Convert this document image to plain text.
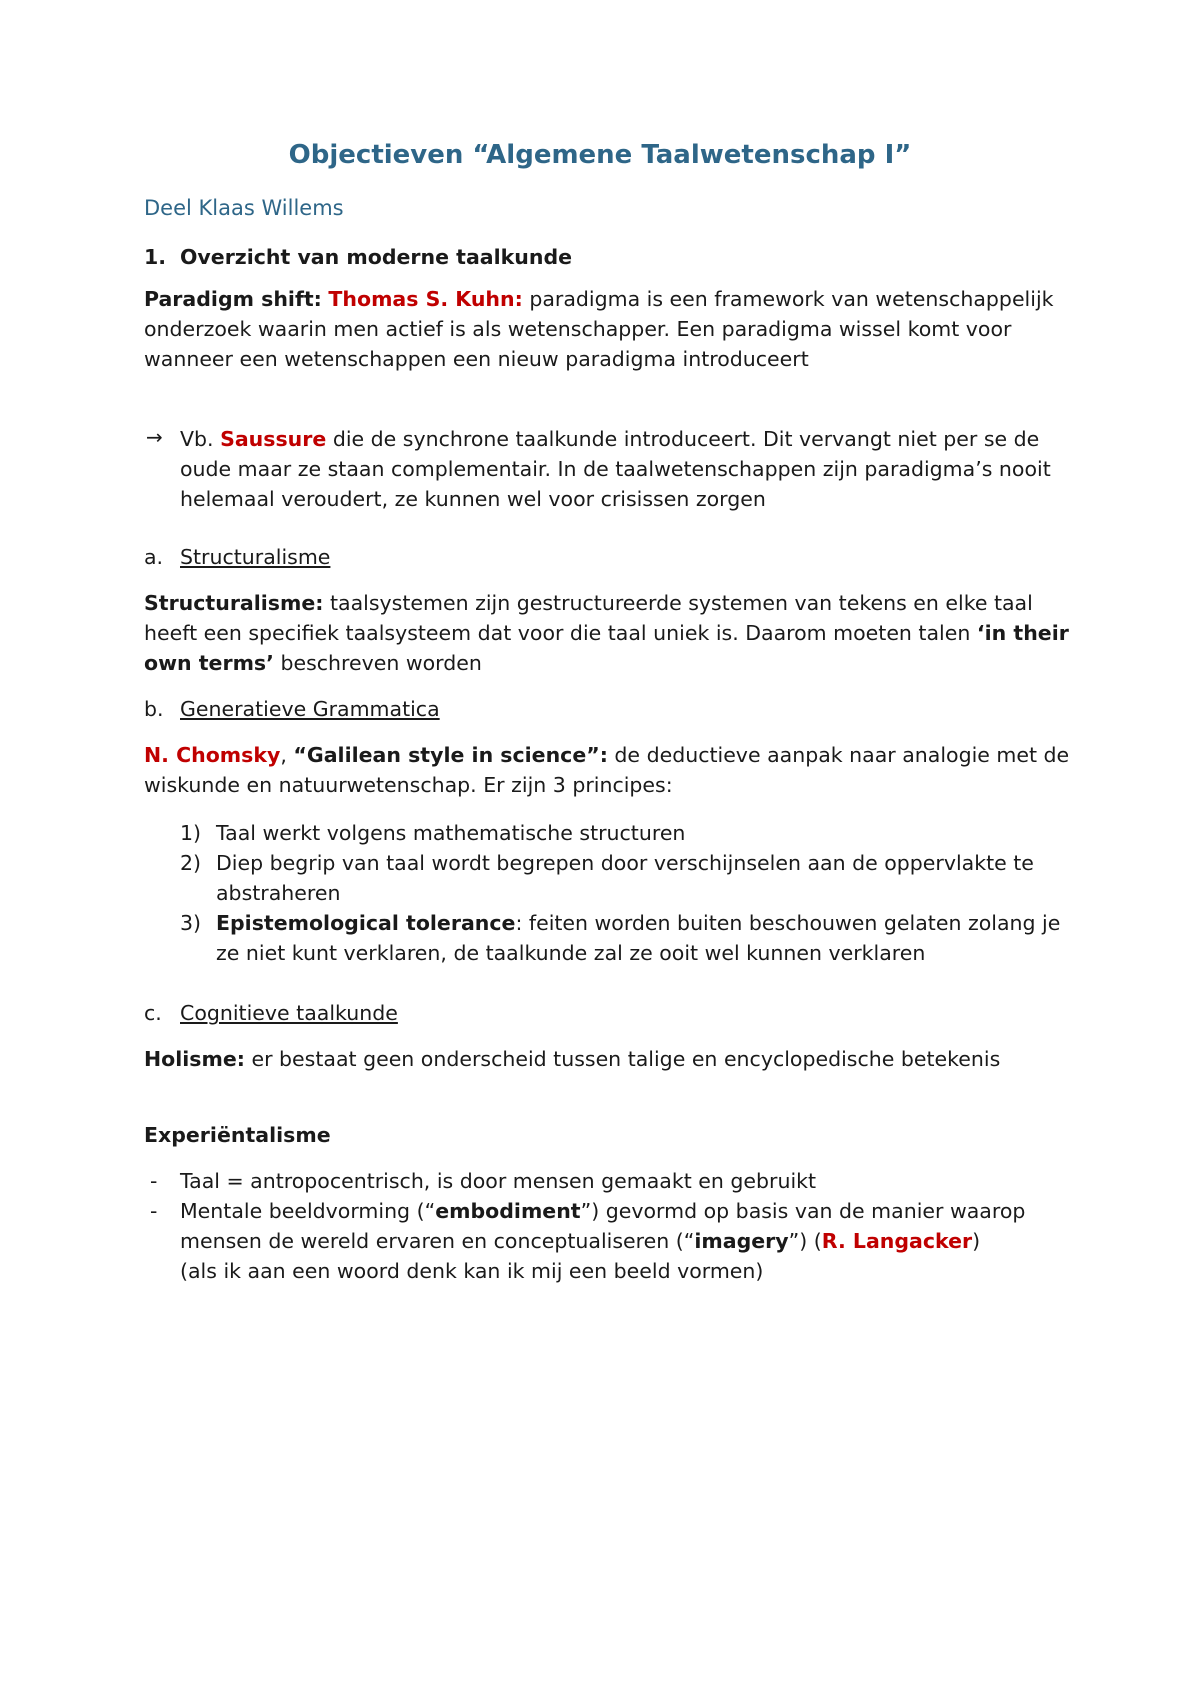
Objectieven “Algemene Taalwetenschap I”
Deel Klaas Willems
1. Overzicht van moderne taalkunde
Paradigm shift: Thomas S. Kuhn: paradigma is een framework van wetenschappelijk onderzoek waarin men actief is als wetenschapper. Een paradigma wissel komt voor wanneer een wetenschappen een nieuw paradigma introduceert
→ Vb. Saussure die de synchrone taalkunde introduceert. Dit vervangt niet per se de oude maar ze staan complementair. In de taalwetenschappen zijn paradigma’s nooit helemaal veroudert, ze kunnen wel voor crisissen zorgen
a. Structuralisme
Structuralisme: taalsystemen zijn gestructureerde systemen van tekens en elke taal heeft een specifiek taalsysteem dat voor die taal uniek is. Daarom moeten talen ‘in their own terms’ beschreven worden
b. Generatieve Grammatica
N. Chomsky, “Galilean style in science”: de deductieve aanpak naar analogie met de wiskunde en natuurwetenschap. Er zijn 3 principes:
1) Taal werkt volgens mathematische structuren
2) Diep begrip van taal wordt begrepen door verschijnselen aan de oppervlakte te abstraheren
3) Epistemological tolerance: feiten worden buiten beschouwen gelaten zolang je ze niet kunt verklaren, de taalkunde zal ze ooit wel kunnen verklaren
c. Cognitieve taalkunde
Holisme: er bestaat geen onderscheid tussen talige en encyclopedische betekenis
Experiëntalisme
- Taal = antropocentrisch, is door mensen gemaakt en gebruikt
- Mentale beeldvorming (“embodiment”) gevormd op basis van de manier waarop mensen de wereld ervaren en conceptualiseren (“imagery”) (R. Langacker)
(als ik aan een woord denk kan ik mij een beeld vormen)
